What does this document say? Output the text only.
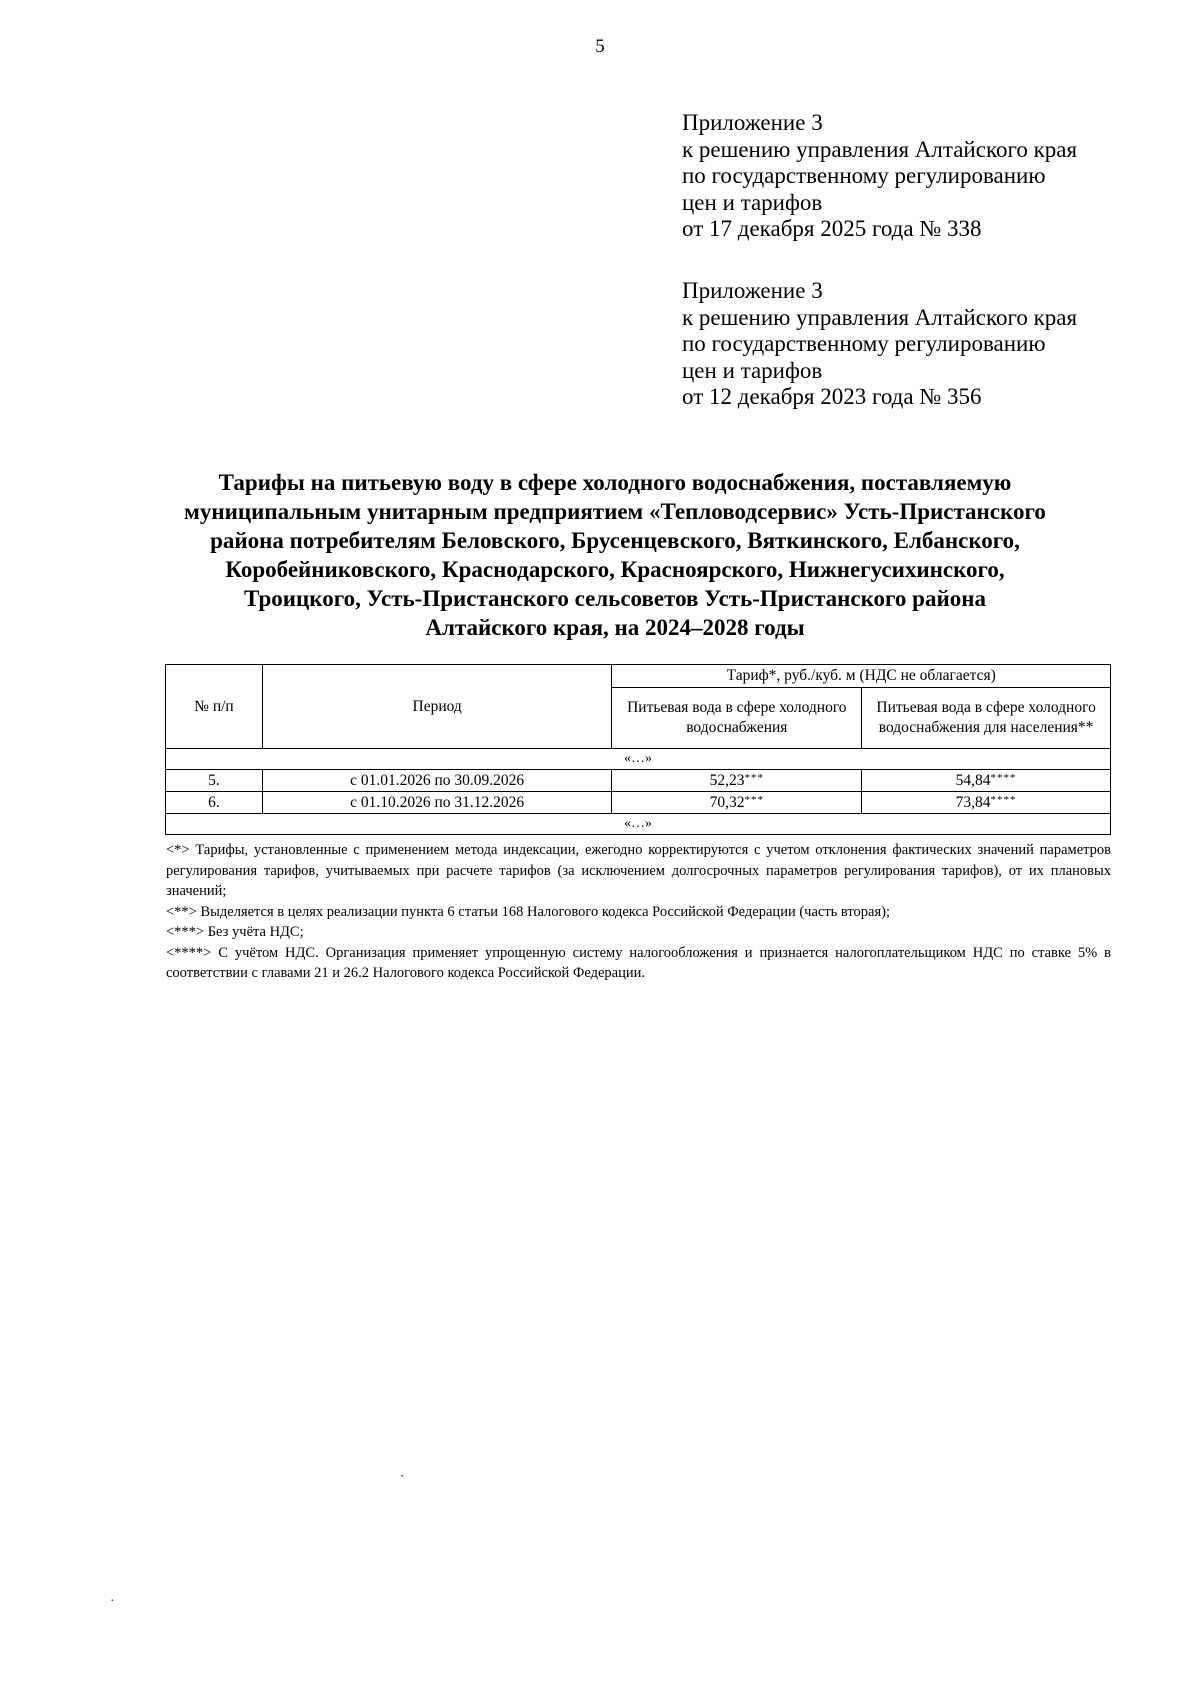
5
Приложение 3
к решению управления Алтайского края
по государственному регулированию
цен и тарифов
от 17 декабря 2025 года № 338
Приложение 3
к решению управления Алтайского края
по государственному регулированию
цен и тарифов
от 12 декабря 2023 года № 356
Тарифы на питьевую воду в сфере холодного водоснабжения, поставляемую
муниципальным унитарным предприятием «Тепловодсервис» Усть-Пристанского
района потребителям Беловского, Брусенцевского, Вяткинского, Елбанского,
Коробейниковского, Краснодарского, Красноярского, Нижнегусихинского,
Троицкого, Усть-Пристанского сельсоветов Усть-Пристанского района
Алтайского края, на 2024–2028 годы
№ п/п	Период	Тариф*, руб./куб. м (НДС не облагается)	
		Питьевая вода в сфере холодного водоснабжения	Питьевая вода в сфере холодного водоснабжения для населения**
«…»			
5.	с 01.01.2026 по 30.09.2026	52,23***	54,84****
6.	с 01.10.2026 по 31.12.2026	70,32***	73,84****
«…»			

<*> Тарифы, установленные с применением метода индексации, ежегодно корректируются с учетом отклонения фактических значений параметров регулирования тарифов, учитываемых при расчете тарифов (за исключением долгосрочных параметров регулирования тарифов), от их плановых значений;

<**> Выделяется в целях реализации пункта 6 статьи 168 Налогового кодекса Российской Федерации (часть вторая);

<***> Без учёта НДС;

<****> С учётом НДС. Организация применяет упрощенную систему налогообложения и признается налогоплательщиком НДС по ставке 5% в соответствии с главами 21 и 26.2 Налогового кодекса Российской Федерации.

ˏ
·
